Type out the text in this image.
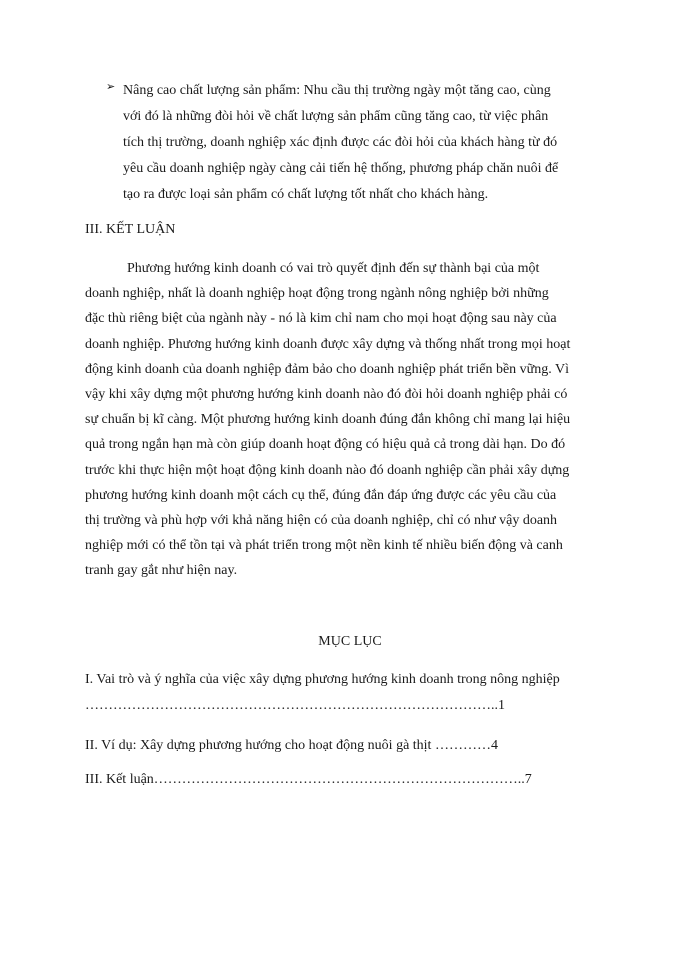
➢ Nâng cao chất lượng sản phẩm: Nhu cầu thị trường ngày một tăng cao, cùng
với đó là những đòi hỏi về chất lượng sản phẩm cũng tăng cao, từ việc phân
tích thị trường, doanh nghiệp xác định được các đòi hỏi của khách hàng từ đó
yêu cầu doanh nghiệp ngày càng cải tiến hệ thống, phương pháp chăn nuôi để
tạo ra được loại sản phẩm có chất lượng tốt nhất cho khách hàng.
III. KẾT LUẬN
Phương hướng kinh doanh có vai trò quyết định đến sự thành bại của một
doanh nghiệp, nhất là doanh nghiệp hoạt động trong ngành nông nghiệp bởi những
đặc thù riêng biệt của ngành này - nó là kim chỉ nam cho mọi hoạt động sau này của
doanh nghiệp. Phương hướng kinh doanh được xây dựng và thống nhất trong mọi hoạt
động kinh doanh của doanh nghiệp đảm bảo cho doanh nghiệp phát triển bền vững. Vì
vậy khi xây dựng một phương hướng kinh doanh nào đó đòi hỏi doanh nghiệp phải có
sự chuẩn bị kĩ càng. Một phương hướng kinh doanh đúng đắn không chỉ mang lại hiệu
quả trong ngắn hạn mà còn giúp doanh hoạt động có hiệu quả cả trong dài hạn. Do đó
trước khi thực hiện một hoạt động kinh doanh nào đó doanh nghiệp cần phải xây dựng
phương hướng kinh doanh một cách cụ thể, đúng đắn đáp ứng được các yêu cầu của
thị trường và phù hợp với khả năng hiện có của doanh nghiệp, chỉ có như vậy doanh
nghiệp mới có thể tồn tại và phát triển trong một nền kinh tế nhiều biến động và canh
tranh gay gắt như hiện nay.
MỤC LỤC
I. Vai trò và ý nghĩa của việc xây dựng phương hướng kinh doanh trong nông nghiệp
……………………………………………………………………………..1
II. Ví dụ: Xây dựng phương hướng cho hoạt động nuôi gà thịt …………4
III. Kết luận……………………………………………………………………..7
